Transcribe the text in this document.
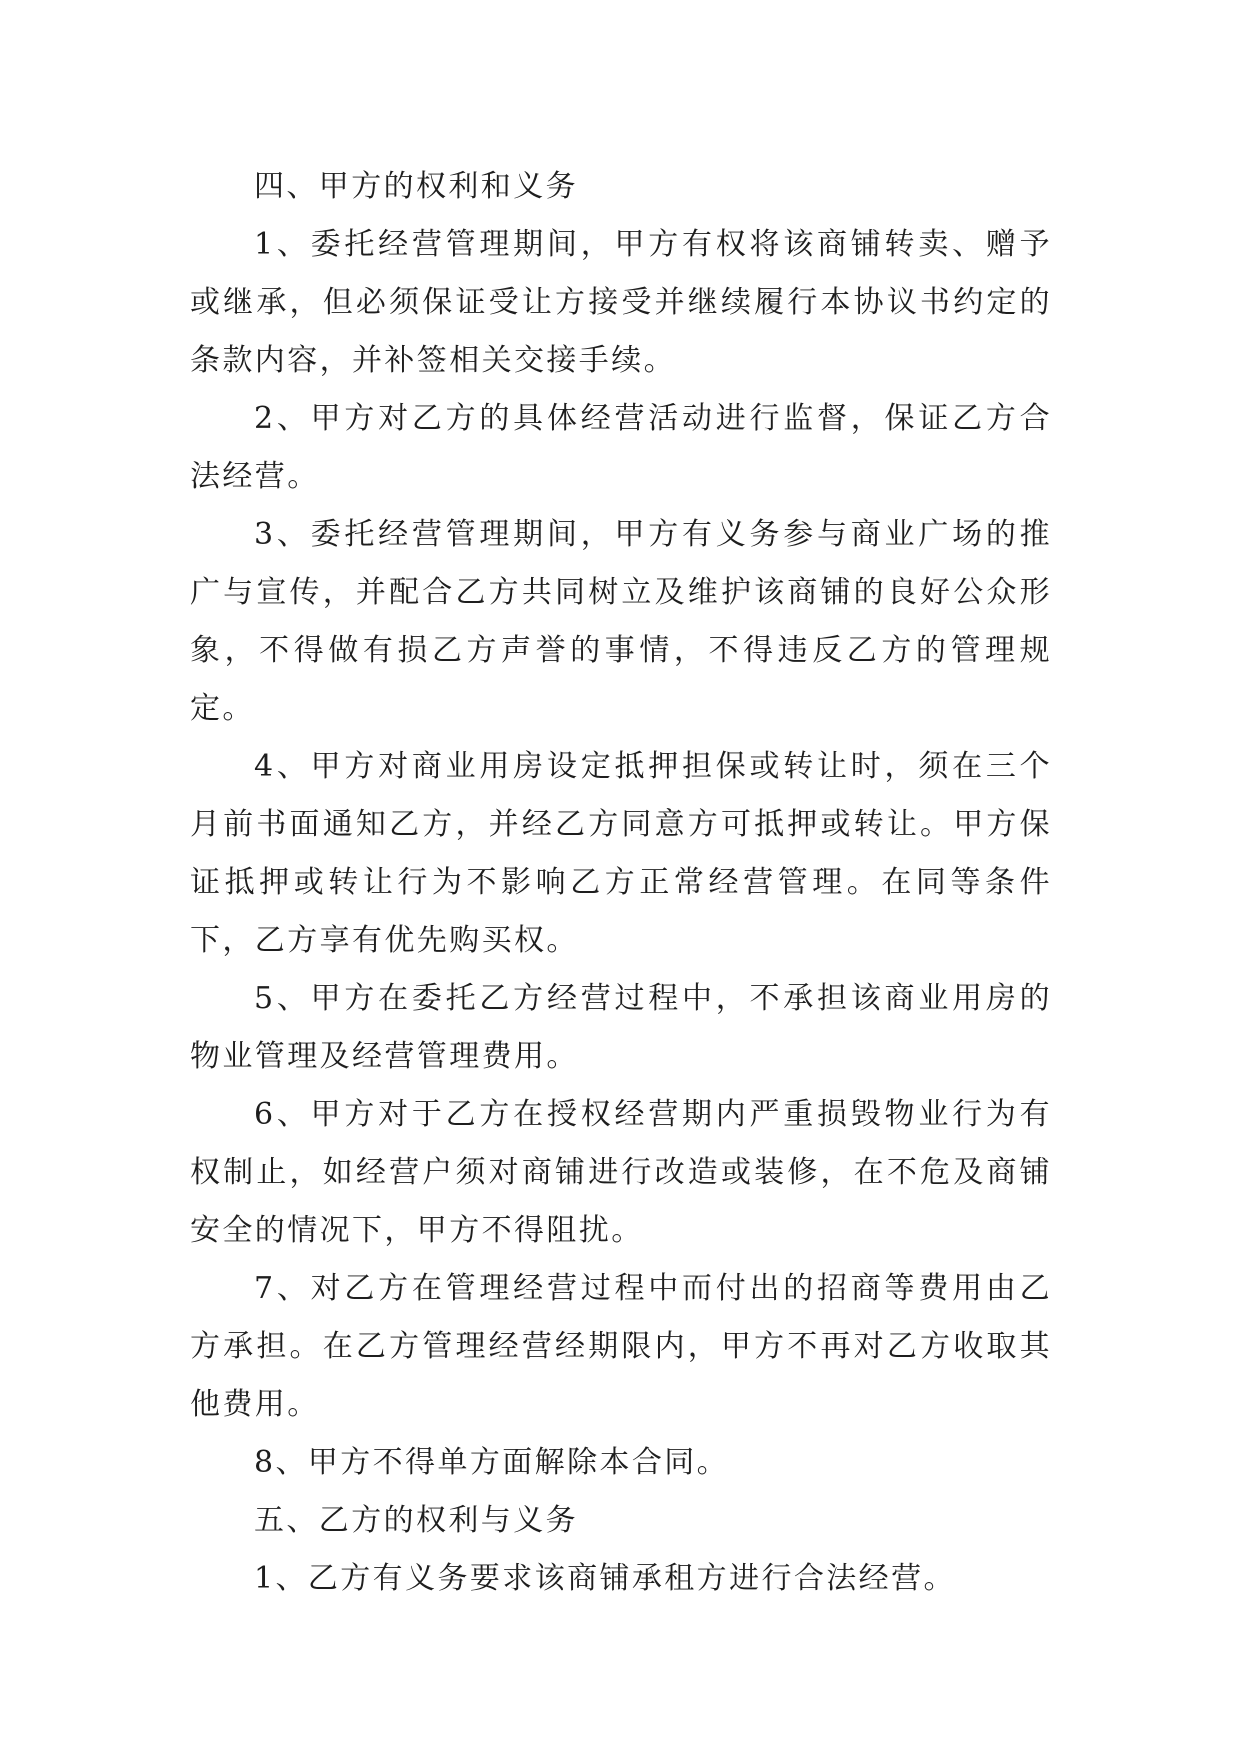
四、甲方的权利和义务

1、委托经营管理期间，甲方有权将该商铺转卖、赠予或继承，但必须保证受让方接受并继续履行本协议书约定的条款内容，并补签相关交接手续。

2、甲方对乙方的具体经营活动进行监督，保证乙方合法经营。

3、委托经营管理期间，甲方有义务参与商业广场的推广与宣传，并配合乙方共同树立及维护该商铺的良好公众形象，不得做有损乙方声誉的事情，不得违反乙方的管理规定。

4、甲方对商业用房设定抵押担保或转让时，须在三个月前书面通知乙方，并经乙方同意方可抵押或转让。甲方保证抵押或转让行为不影响乙方正常经营管理。在同等条件下，乙方享有优先购买权。

5、甲方在委托乙方经营过程中，不承担该商业用房的物业管理及经营管理费用。

6、甲方对于乙方在授权经营期内严重损毁物业行为有权制止，如经营户须对商铺进行改造或装修，在不危及商铺安全的情况下，甲方不得阻扰。

7、对乙方在管理经营过程中而付出的招商等费用由乙方承担。在乙方管理经营经期限内，甲方不再对乙方收取其他费用。

8、甲方不得单方面解除本合同。

五、乙方的权利与义务

1、乙方有义务要求该商铺承租方进行合法经营。
